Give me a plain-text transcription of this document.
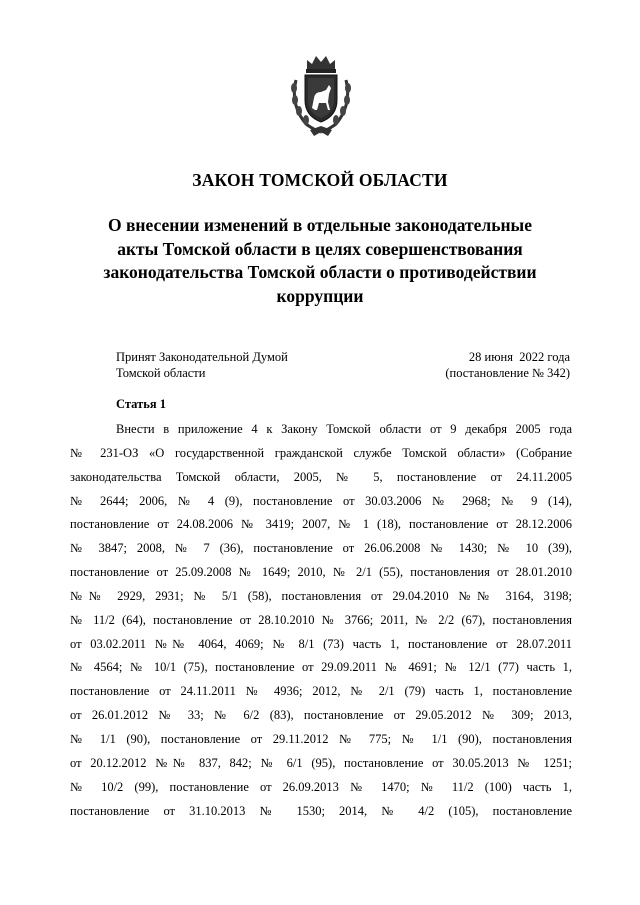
ЗАКОН ТОМСКОЙ ОБЛАСТИ
О внесении изменений в отдельные законодательные
акты Томской области в целях совершенствования
законодательства Томской области о противодействии
коррупции
Принят Законодательной Думой
Томской области
28 июня  2022 года
(постановление № 342)
Статья 1
Внести в приложение 4 к Закону Томской области от 9 декабря 2005 года
№ 231-ОЗ «О государственной гражданской службе Томской области» (Собрание
законодательства Томской области, 2005, № 5, постановление от 24.11.2005
№ 2644; 2006, № 4 (9), постановление от 30.03.2006 № 2968; № 9 (14),
постановление от 24.08.2006 № 3419; 2007, № 1 (18), постановление от 28.12.2006
№ 3847; 2008, № 7 (36), постановление от 26.06.2008 № 1430; № 10 (39),
постановление от 25.09.2008 № 1649; 2010, № 2/1 (55), постановления от 28.01.2010
№№ 2929, 2931; № 5/1 (58), постановления от 29.04.2010 №№ 3164, 3198;
№ 11/2 (64), постановление от 28.10.2010 № 3766; 2011, № 2/2 (67), постановления
от 03.02.2011 №№ 4064, 4069; № 8/1 (73) часть 1, постановление от 28.07.2011
№ 4564; № 10/1 (75), постановление от 29.09.2011 № 4691; № 12/1 (77) часть 1,
постановление от 24.11.2011 № 4936; 2012, № 2/1 (79) часть 1, постановление
от 26.01.2012 № 33; № 6/2 (83), постановление от 29.05.2012 № 309; 2013,
№ 1/1 (90), постановление от 29.11.2012 № 775; № 1/1 (90), постановления
от 20.12.2012 №№ 837, 842; № 6/1 (95), постановление от 30.05.2013 № 1251;
№ 10/2 (99), постановление от 26.09.2013 № 1470; № 11/2 (100) часть 1,
постановление от 31.10.2013 № 1530; 2014, № 4/2 (105), постановление
